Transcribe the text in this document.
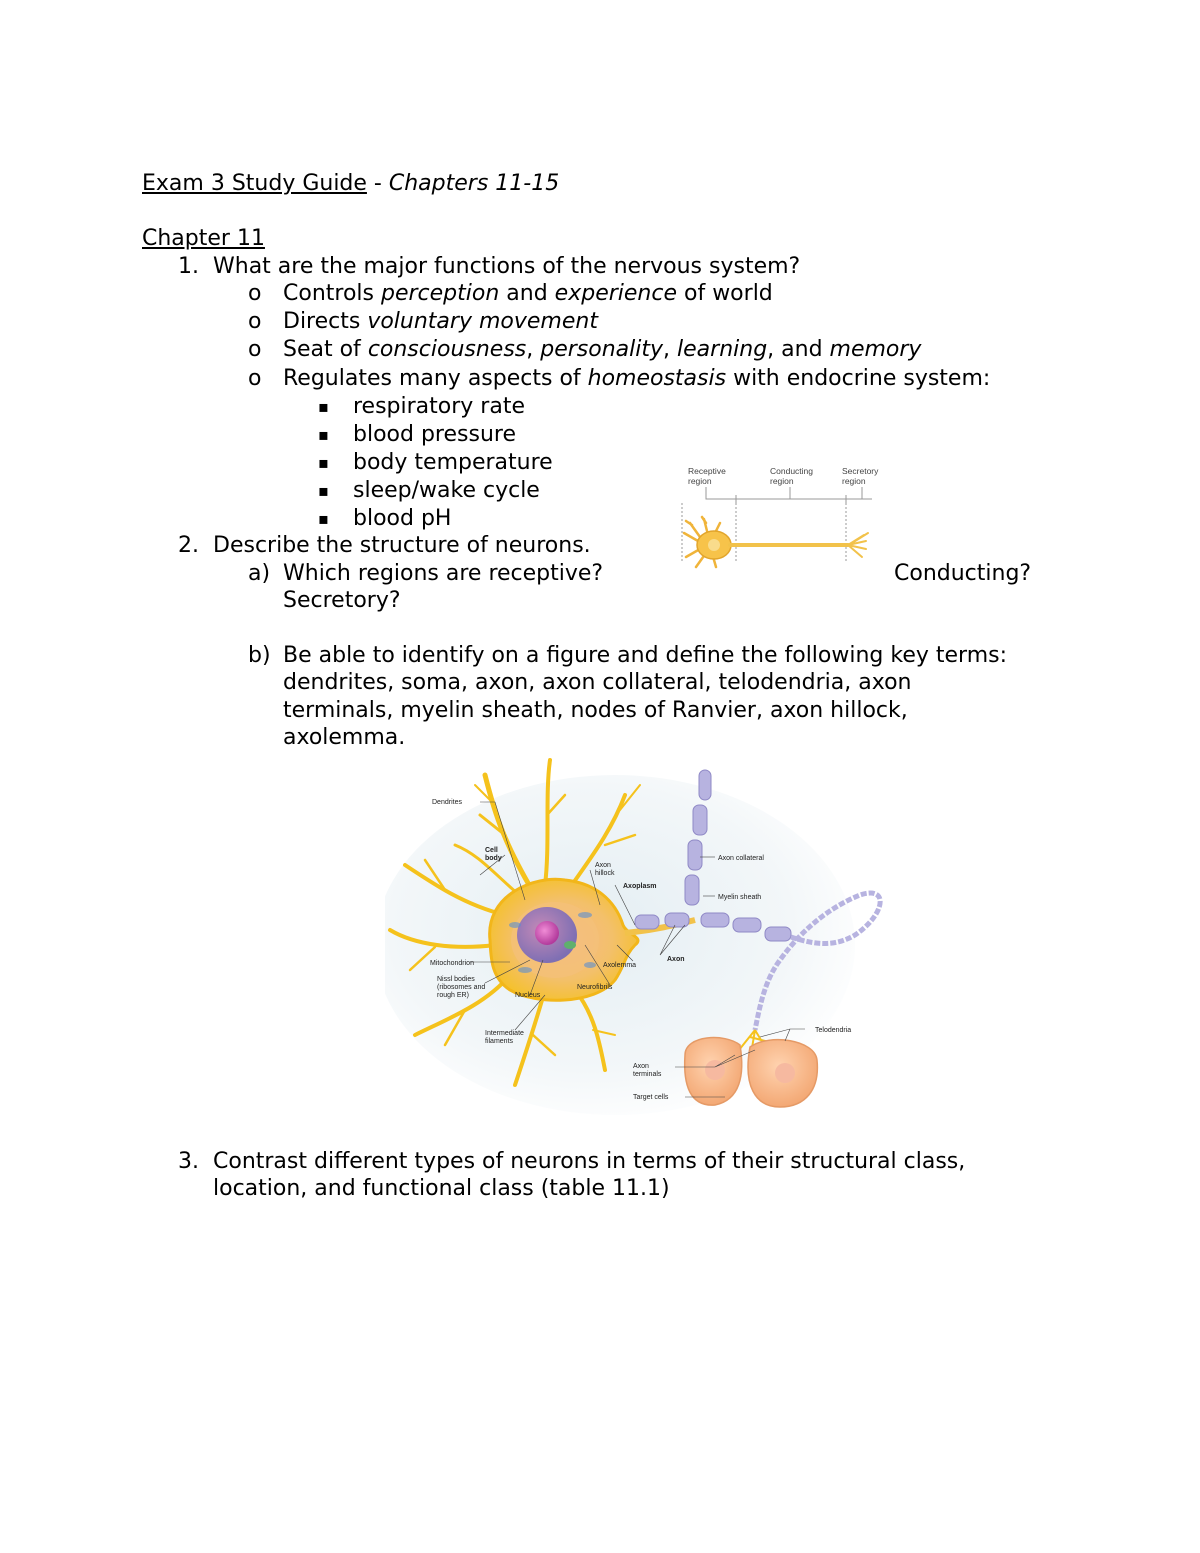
Exam 3 Study Guide - Chapters 11-15
Chapter 11
1. What are the major functions of the nervous system?
o Controls perception and experience of world
o Directs voluntary movement
o Seat of consciousness, personality, learning, and memory
o Regulates many aspects of homeostasis with endocrine system:
▪ respiratory rate
▪ blood pressure
▪ body temperature
▪ sleep/wake cycle
▪ blood pH
2. Describe the structure of neurons.
a) Which regions are receptive?	Conducting?
Secretory?
b) Be able to identify on a figure and define the following key terms:
dendrites, soma, axon, axon collateral, telodendria, axon
terminals, myelin sheath, nodes of Ranvier, axon hillock,
axolemma.
3. Contrast different types of neurons in terms of their structural class,
location, and functional class (table 11.1)
Receptive
region
Conducting
region
Secretory
region
Dendrites
Cell
body
Axon
hillock
Axoplasm
Axon collateral
Myelin sheath
Axon
Axolemma
Mitochondrion
Nissl bodies
(ribosomes and
rough ER)	Nucleus
Neurofibrils
Intermediate
filaments
Telodendria
Axon
terminals
Target cells
